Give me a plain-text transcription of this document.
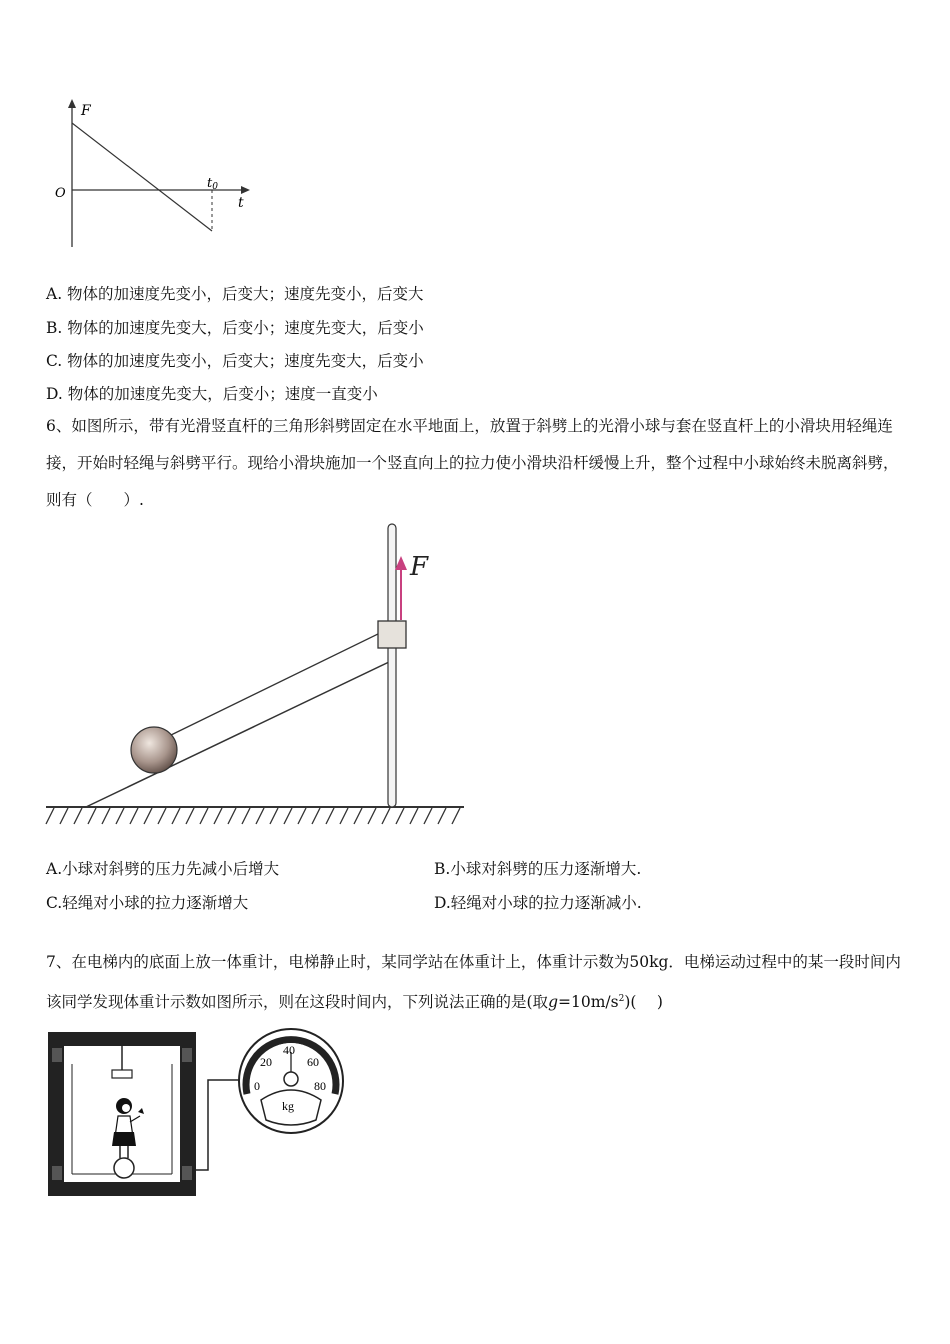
F
O
t0
t
A. 物体的加速度先变小，后变大；速度先变小，后变大
B. 物体的加速度先变大，后变小；速度先变大，后变小
C. 物体的加速度先变小，后变大；速度先变大，后变小
D. 物体的加速度先变大，后变小；速度一直变小
6、如图所示，带有光滑竖直杆的三角形斜劈固定在水平地面上，放置于斜劈上的光滑小球与套在竖直杆上的小滑块用轻绳连接，开始时轻绳与斜劈平行。现给小滑块施加一个竖直向上的拉力使小滑块沿杆缓慢上升，整个过程中小球始终未脱离斜劈，则有（　　）.
F
A.小球对斜劈的压力先减小后增大	B.小球对斜劈的压力逐渐增大.
C.轻绳对小球的拉力逐渐增大	D.轻绳对小球的拉力逐渐减小.
7、在电梯内的底面上放一体重计，电梯静止时，某同学站在体重计上，体重计示数为50kg．电梯运动过程中的某一段时间内该同学发现体重计示数如图所示，则在这段时间内，下列说法正确的是(取$g=10m/s^2$)(　 )
0
20
40
60
80
kg
